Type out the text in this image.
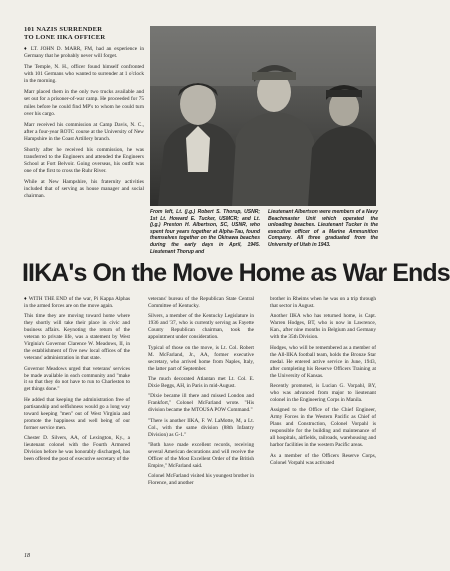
101 NAZIS SURRENDER
TO LONE IIKA OFFICER

♦ LT. JOHN D. MARR, FM, had an experience in Germany that he probably never will forget.

The Temple, N. H., officer found himself confronted with 101 Germans who wanted to surrender at 1 o'clock in the morning.

Marr placed them in the only two trucks available and set out for a prisoner-of-war camp. He proceeded for 75 miles before he could find MP's to whom he could turn over his cargo.

Marr received his commission at Camp Davis, N. C., after a four-year ROTC course at the University of New Hampshire in the Coast Artillery branch.

Shortly after he received his commission, he was transferred to the Engineers and attended the Engineers School at Fort Belvoir. Going overseas, his outfit was one of the first to cross the Ruhr River.

While at New Hampshire, his fraternity activities included that of serving as house manager and social chairman.

From left, Lt. (j.g.) Robert S. Thorup, USNR; 1st Lt. Howard E. Tucker, USMCR; and Lt. (j.g.) Preston H. Albertson, SC, USNR, who spent four years together at Alpha-Tau, found themselves together on the Okinawa beaches during the early days in April, 1945. Lieutenant Thorup and
Lieutenant Albertson were members of a Navy Beachmaster Unit which operated the unloading beaches. Lieutenant Tucker is the executive officer of a Marine Ammunition Company. All three graduated from the University of Utah in 1943.
IIKA's On the Move Home as War Ends

♦ WITH THE END of the war, Pi Kappa Alphas in the armed forces are on the move again.

This time they are moving toward home where they shortly will take their place in civic and business affairs. Keynoting the return of the veteran to private life, was a statement by West Virginia's Governor Clarence W. Meadows, II, in the establishment of five new local offices of the veterans' administration in that state.

Governor Meadows urged that veterans' services be made available in each community and "make it so that they do not have to run to Charleston to get things done."

He added that keeping the administration free of partisanship and selfishness would go a long way toward keeping "men" out of West Virginia and promote the happiness and well being of our former service men.

Chester D. Silvers, AA, of Lexington, Ky., a lieutenant colonel with the Fourth Armored Division before he was honorably discharged, has been offered the post of executive secretary of the

veterans' bureau of the Republican State Central Committee of Kentucky.

Silvers, a member of the Kentucky Legislature in 1936 and '37, who is currently serving as Fayette County Republican chairman, took the appointment under consideration.

Typical of those on the move, is Lt. Col. Robert M. McFarland, Jr., AA, former executive secretary, who arrived home from Naples, Italy, the latter part of September.

The much decorated Atlantan met Lt. Col. E. Dixie Beggs, AH, in Paris in mid-August.

"Dixie became ill there and missed London and Frankfort," Colonel McFarland wrote. "His division became the MTOUSA POW Command."

"There is another IIKA, F. W. LaMotte, M, a Lt. Col., with the same division (88th Infantry Division) as G-1."

"Both have made excellent records, receiving several American decorations and will receive the Officer of the Most Excellent Order of the British Empire," McFarland said.

Colonel McFarland visited his youngest brother in Florence, and another

brother in Rheims when he was on a trip through that sector in August.

Another IIKA who has returned home, is Capt. Warren Hodges, BT, who is now in Lawrence, Kan., after nine months in Belgium and Germany with the 35th Division.

Hodges, who will be remembered as a member of the All-IIKA football team, holds the Bronze Star medal. He entered active service in June, 1943, after completing his Reserve Officers Training at the University of Kansas.

Recently promoted, is Lucian G. Vorpahl, BY, who was advanced from major to lieutenant colonel in the Engineering Corps in Manila.

Assigned to the Office of the Chief Engineer, Army Forces in the Western Pacific as Chief of Plans and Construction, Colonel Vorpahl is responsible for the building and maintenance of all hospitals, airfields, railroads, warehousing and harbor facilities in the western Pacific areas.

As a member of the Officers Reserve Corps, Colonel Vorpahl was activated

18
